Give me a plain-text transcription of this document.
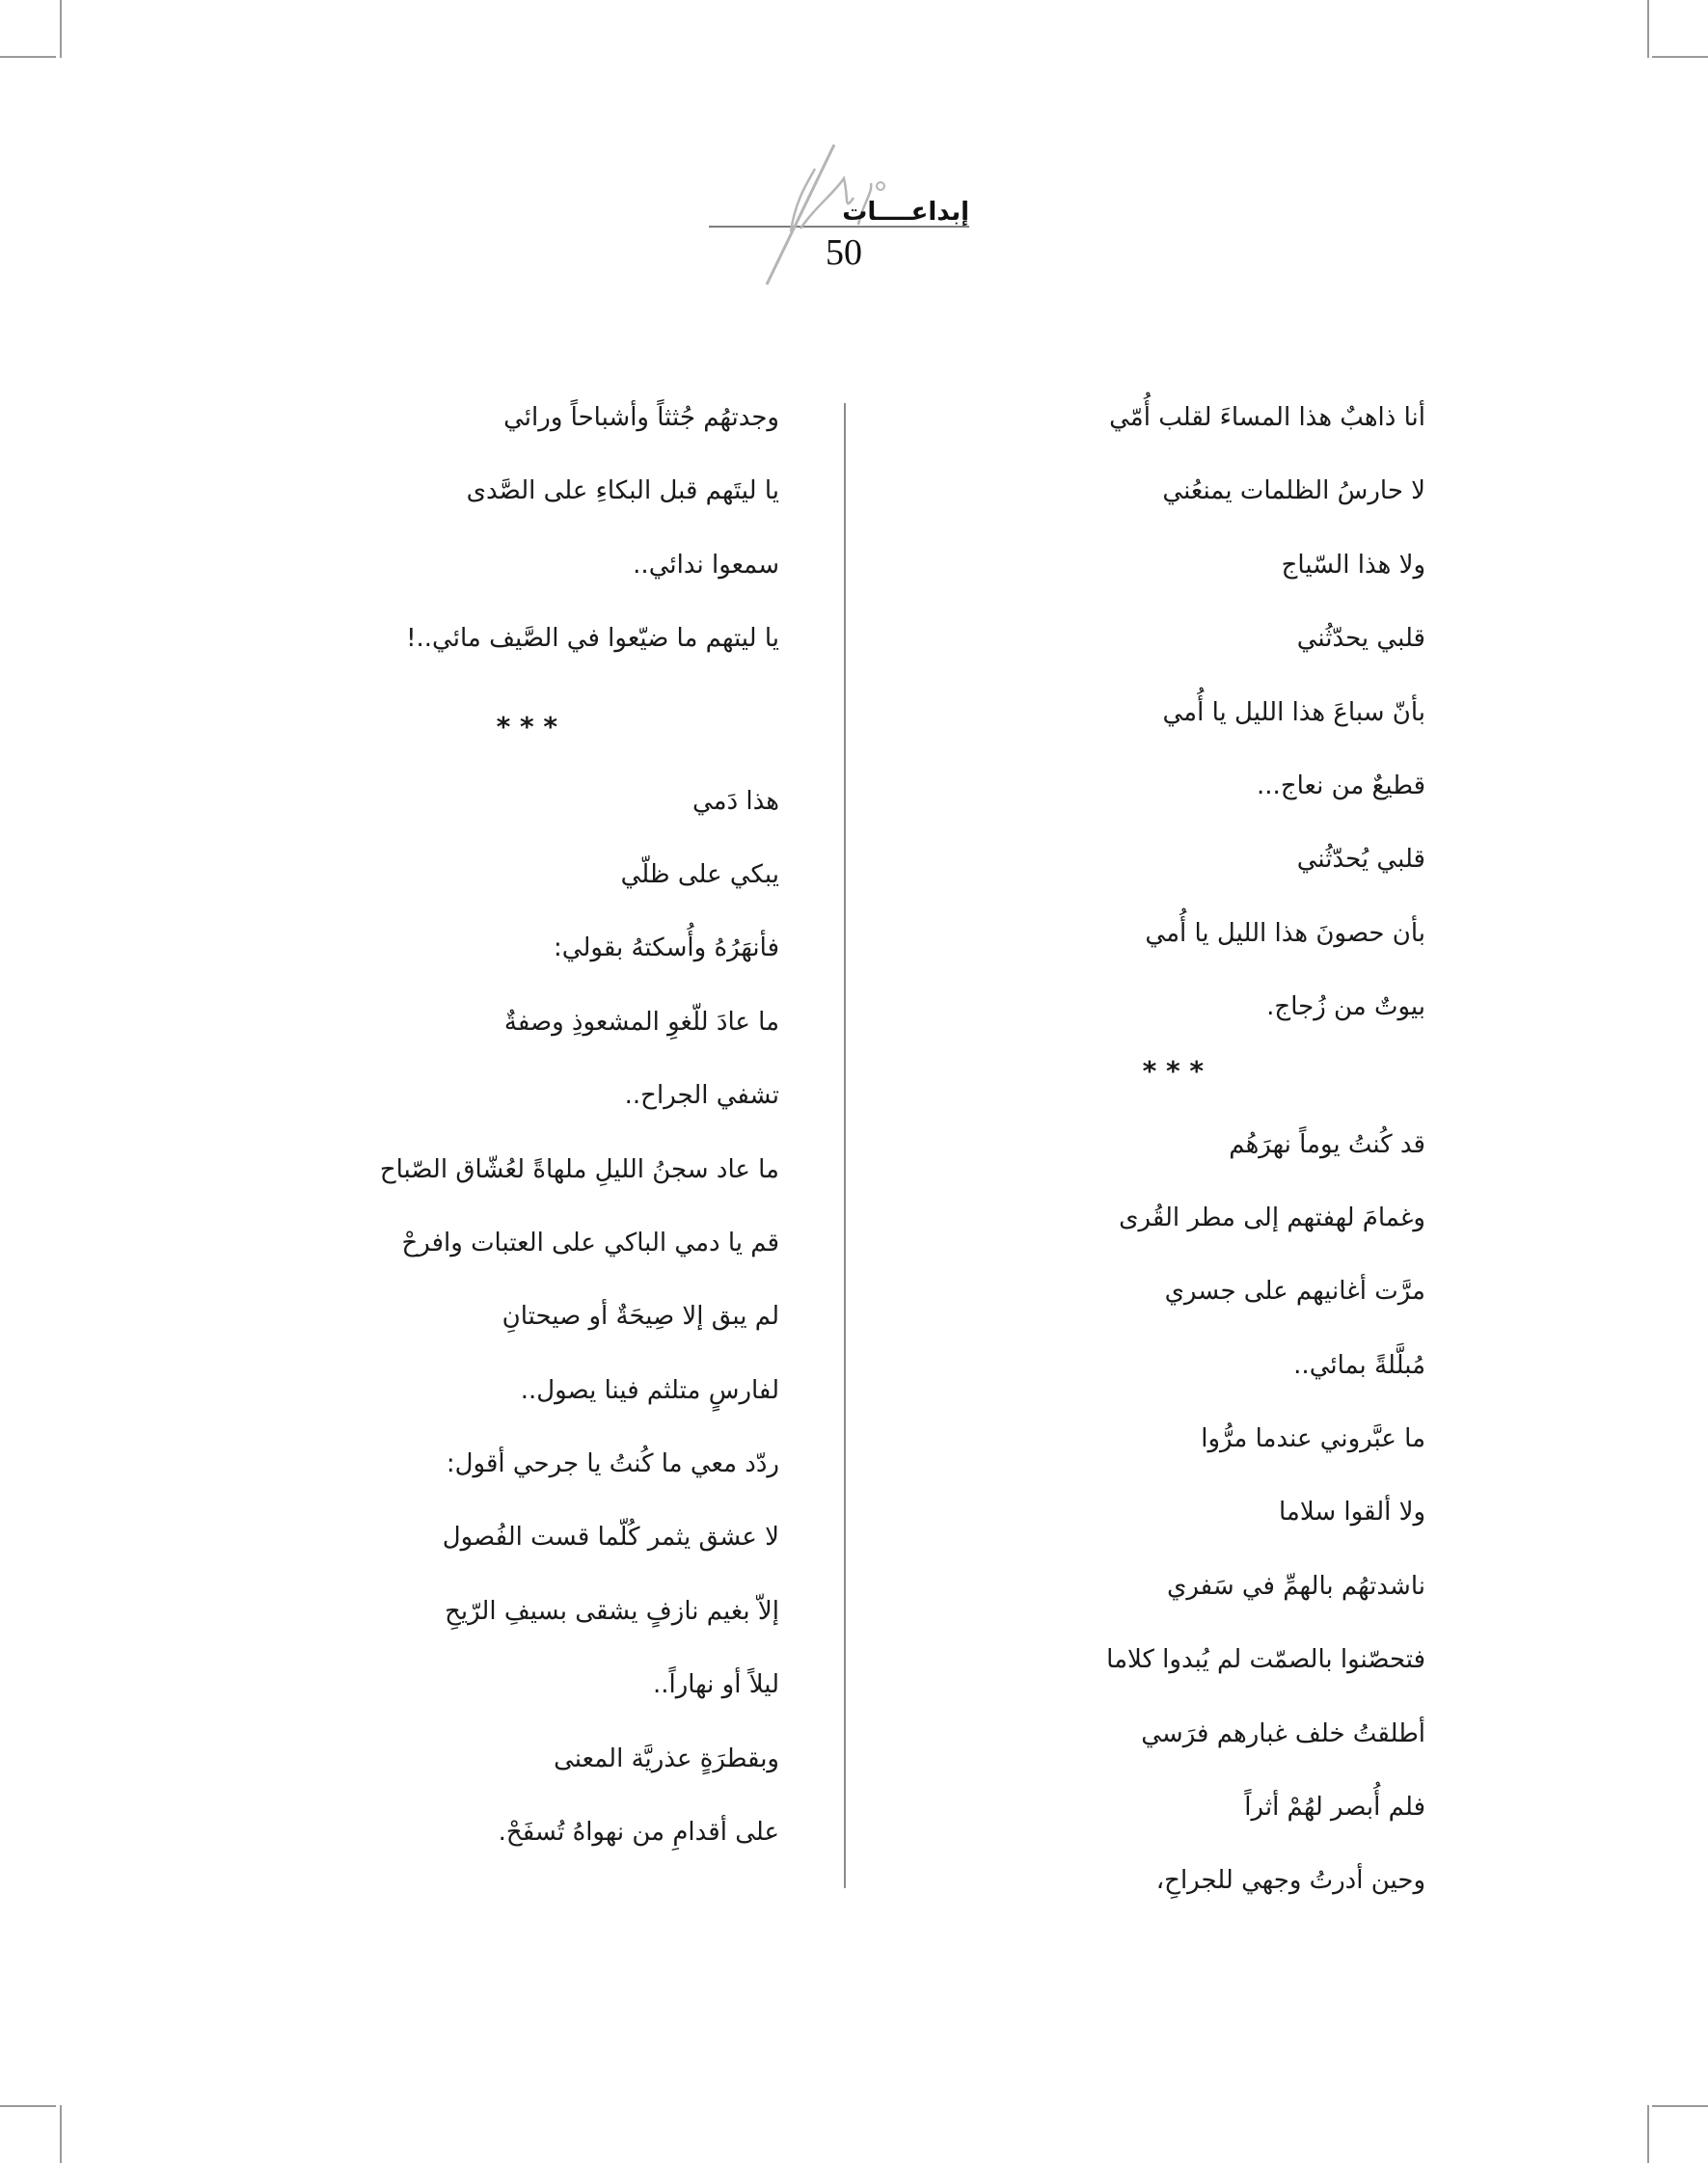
إبداعــــات
50
أنا ذاهبٌ هذا المساءَ لقلب أُمّي
لا حارسُ الظلمات يمنعُني
ولا هذا السّياج
قلبي يحدّثُني
بأنّ سباعَ هذا الليل يا أُمي
قطيعٌ من نعاج...
قلبي يُحدّثُني
بأن حصونَ هذا الليل يا أُمي
بيوتٌ من زُجاج.
* * *
قد كُنتُ يوماً نهرَهُم
وغمامَ لهفتهم إلى مطر القُرى
مرَّت أغانيهم على جسري
مُبلَّلةً بمائي..
ما عبَّروني عندما مرُّوا
ولا ألقوا سلاما
ناشدتهُم بالهمِّ في سَفري
فتحصّنوا بالصمّت لم يُبدوا كلاما
أطلقتُ خلف غبارهم فرَسي
فلم أُبصر لهُمْ أثراً
وحين أدرتُ وجهي للجراحِ،
وجدتهُم جُثثاً وأشباحاً ورائي
يا ليتَهم قبل البكاءِ على الصَّدى
سمعوا ندائي..
يا ليتهم ما ضيّعوا في الصَّيف مائي..!
* * *
هذا دَمي
يبكي على ظلّي
فأنهَرُهُ وأُسكتهُ بقولي:
ما عادَ للّغوِ المشعوذِ وصفةٌ
تشفي الجراح..
ما عاد سجنُ الليلِ ملهاةً لعُشّاق الصّباح
قم يا دمي الباكي على العتبات وافرحْ
لم يبق إلا صِيحَةٌ أو صيحتانِ
لفارسٍ متلثم فينا يصول..
ردّد معي ما كُنتُ يا جرحي أقول:
لا عشق يثمر كُلّما قست الفُصول
إلاّ بغيم نازفٍ يشقى بسيفِ الرّيحِ
ليلاً أو نهاراً..
وبقطرَةٍ عذريَّة المعنى
على أقدامِ من نهواهُ تُسفَحْ.
